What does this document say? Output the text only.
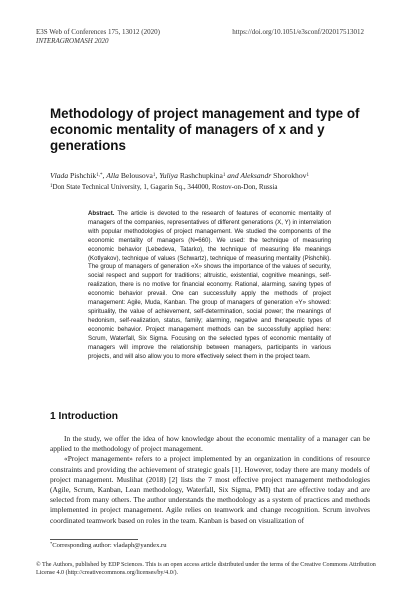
E3S Web of Conferences 175, 13012 (2020)
INTERAGROMASH 2020
https://doi.org/10.1051/e3sconf/202017513012
Methodology of project management and type of economic mentality of managers of x and y generations

Vlada Pishchik$^{1,*}$, Alla Belousova$^1$, Yuliya Rashchupkina$^1$ and Aleksandr Shorokhov$^1$

$^1$Don State Technical University, 1, Gagarin Sq., 344000, Rostov-on-Don, Russia

Abstract. The article is devoted to the research of features of economic mentality of managers of the companies, representatives of different generations (X, Y) in interrelation with popular methodologies of project management. We studied the components of the economic mentality of managers (N=660). We used: the technique of measuring economic behavior (Lebedeva, Tatarko), the technique of measuring life meanings (Kotlyakov), technique of values (Schwartz), technique of measuring mentality (Pishchik). The group of managers of generation «X» shows the importance of the values of security, social respect and support for traditions; altruistic, existential, cognitive meanings, self-realization, there is no motive for financial economy. Rational, alarming, saving types of economic behavior prevail. One can successfully apply the methods of project management: Agile, Muda, Kanban. The group of managers of generation «Y» showed: spirituality, the value of achievement, self-determination, social power; the meanings of hedonism, self-realization, status, family; alarming, negative and therapeutic types of economic behavior. Project management methods can be successfully applied here: Scrum, Waterfall, Six Sigma. Focusing on the selected types of economic mentality of managers will improve the relationship between managers, participants in various projects, and will also allow you to more effectively select them in the project team.

1 Introduction

In the study, we offer the idea of how knowledge about the economic mentality of a manager can be applied to the methodology of project management.

«Project management» refers to a project implemented by an organization in conditions of resource constraints and providing the achievement of strategic goals [1]. However, today there are many models of project management. Muslihat (2018) [2] lists the 7 most effective project management methodologies (Agile, Scrum, Kanban, Lean methodology, Waterfall, Six Sigma, PMI) that are effective today and are selected from many others. The author understands the methodology as a system of practices and methods implemented in project management. Agile relies on teamwork and change recognition. Scrum involves coordinated teamwork based on roles in the team. Kanban is based on visualization of

*Corresponding author: vladaph@yandex.ru

© The Authors, published by EDP Sciences. This is an open access article distributed under the terms of the Creative Commons Attribution License 4.0 (http://creativecommons.org/licenses/by/4.0/).
